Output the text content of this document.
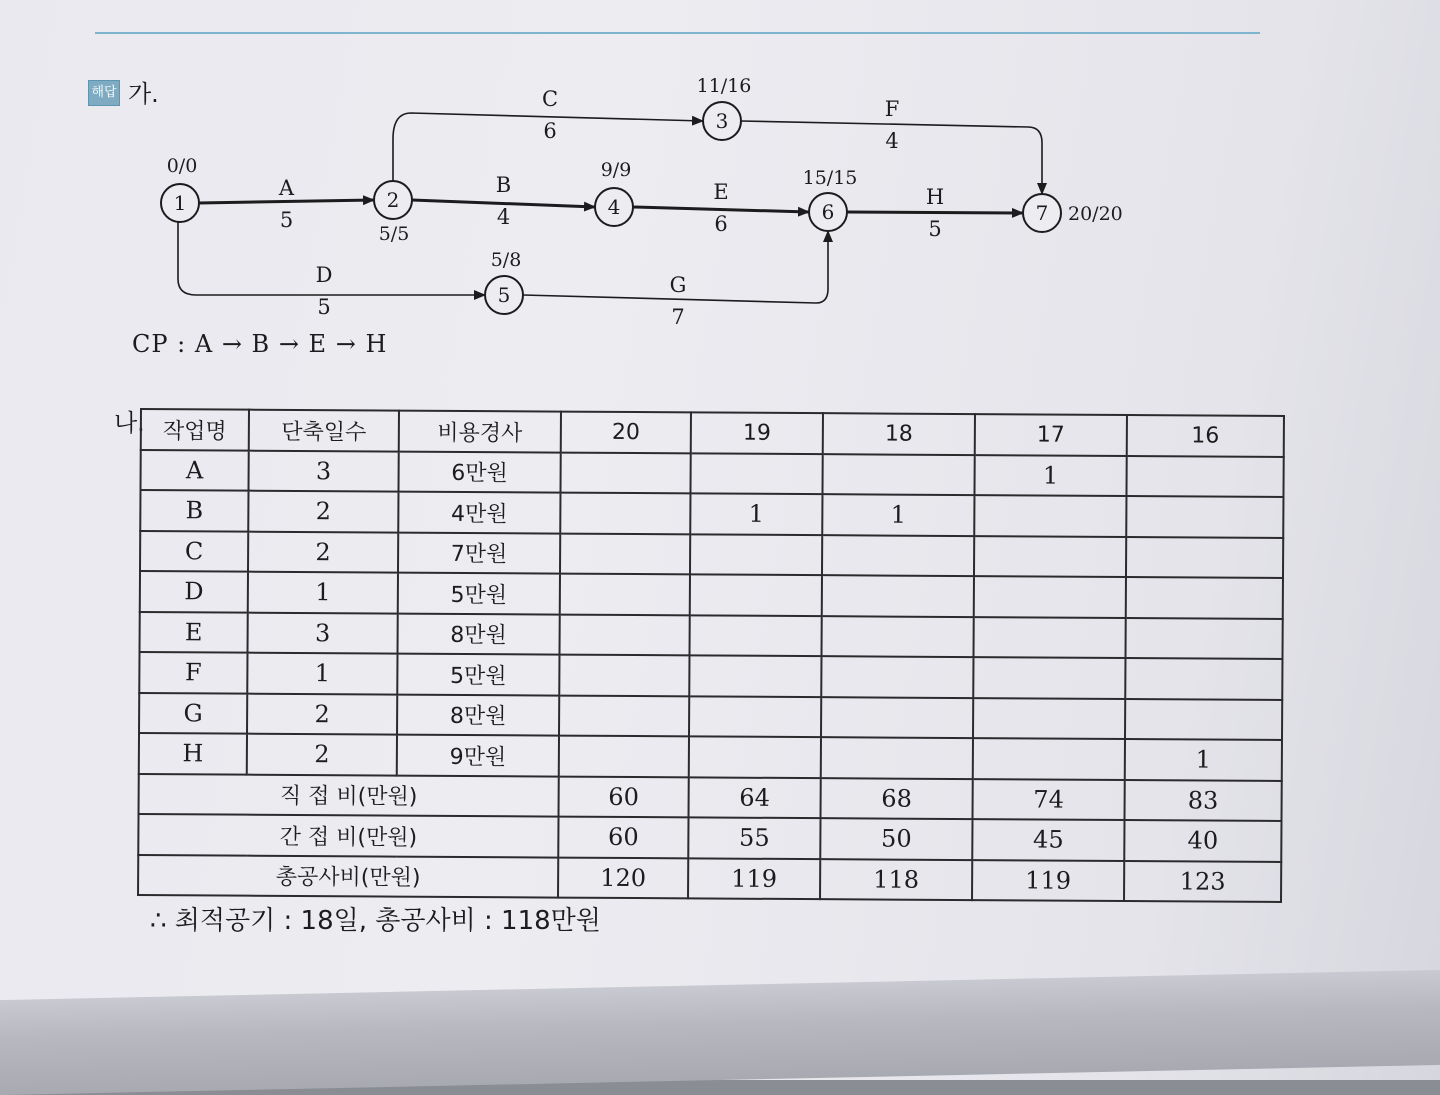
해답 가.
1	2
3
4
5
6	7
A
5
B
4
C
6
D
5
E
6
F
4
G
7
H
5
0/0
5/5
11/16
9/9
5/8
15/15
20/20
CP : A → B → E → H
나. 작업명	단축일수	비용경사	20	19	18	17	16
A	3	6만원				1	
B	2	4만원		1	1		
C	2	7만원					
D	1	5만원					
E	3	8만원					
F	1	5만원					
G	2	8만원					
H	2	9만원					1
직 접 비(만원)			60	64	68	74	83
간 접 비(만원)			60	55	50	45	40
총공사비(만원)			120	119	118	119	123
∴ 최적공기 : 18일, 총공사비 : 118만원
